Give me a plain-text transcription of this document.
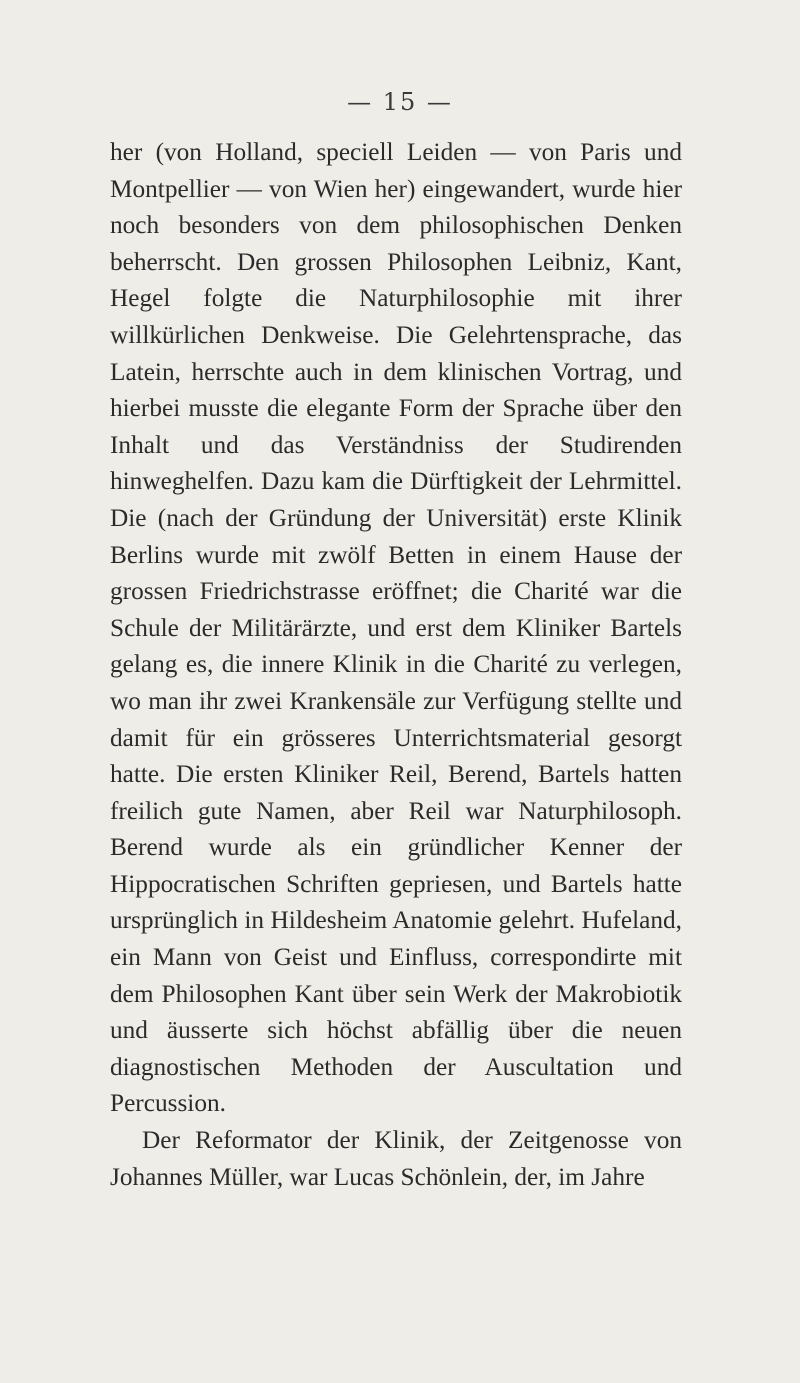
— 15 —

her (von Holland, speciell Leiden — von Paris und Montpellier — von Wien her) eingewandert, wurde hier noch besonders von dem philosophischen Denken beherrscht. Den grossen Philosophen Leibniz, Kant, Hegel folgte die Naturphilosophie mit ihrer willkürlichen Denkweise. Die Gelehrtensprache, das Latein, herrschte auch in dem klinischen Vortrag, und hierbei musste die elegante Form der Sprache über den Inhalt und das Verständniss der Studirenden hinweghelfen. Dazu kam die Dürftigkeit der Lehrmittel. Die (nach der Gründung der Universität) erste Klinik Berlins wurde mit zwölf Betten in einem Hause der grossen Friedrichstrasse eröffnet; die Charité war die Schule der Militärärzte, und erst dem Kliniker Bartels gelang es, die innere Klinik in die Charité zu verlegen, wo man ihr zwei Krankensäle zur Verfügung stellte und damit für ein grösseres Unterrichtsmaterial gesorgt hatte. Die ersten Kliniker Reil, Berend, Bartels hatten freilich gute Namen, aber Reil war Naturphilosoph. Berend wurde als ein gründlicher Kenner der Hippocratischen Schriften gepriesen, und Bartels hatte ursprünglich in Hildesheim Anatomie gelehrt. Hufeland, ein Mann von Geist und Einfluss, correspondirte mit dem Philosophen Kant über sein Werk der Makrobiotik und äusserte sich höchst abfällig über die neuen diagnostischen Methoden der Auscultation und Percussion.

Der Reformator der Klinik, der Zeitgenosse von Johannes Müller, war Lucas Schönlein, der, im Jahre
